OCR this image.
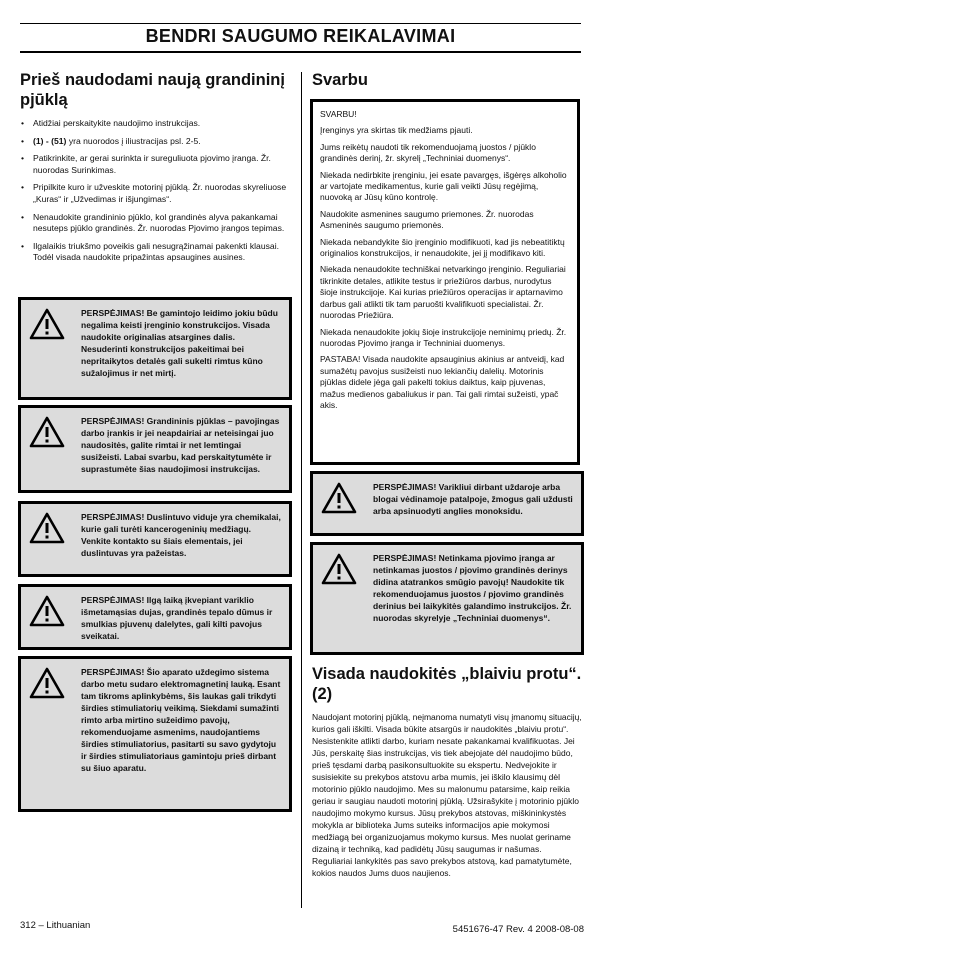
BENDRI SAUGUMO REIKALAVIMAI
Prieš naudodami naują grandininį pjūklą
• Atidžiai perskaitykite naudojimo instrukcijas.
• (1) - (51) yra nuorodos į iliustracijas psl. 2-5.
• Patikrinkite, ar gerai surinkta ir sureguliuota pjovimo įranga. Žr. nuorodas Surinkimas.
• Pripilkite kuro ir užveskite motorinį pjūklą. Žr. nuorodas skyreliuose „Kuras“ ir „Užvedimas ir išjungimas“.
• Nenaudokite grandininio pjūklo, kol grandinės alyva pakankamai nesuteps pjūklo grandinės. Žr. nuorodas Pjovimo įrangos tepimas.
• Ilgalaikis triukšmo poveikis gali nesugrąžinamai pakenkti klausai. Todėl visada naudokite pripažintas apsaugines ausines.
PERSPĖJIMAS! Be gamintojo leidimo jokiu būdu negalima keisti įrenginio konstrukcijos. Visada naudokite originalias atsargines dalis. Nesuderinti konstrukcijos pakeitimai bei nepritaikytos detalės gali sukelti rimtus kūno sužalojimus ir net mirtį.
PERSPĖJIMAS! Grandininis pjūklas – pavojingas darbo įrankis ir jei neapdairiai ar neteisingai juo naudositės, galite rimtai ir net lemtingai susižeisti. Labai svarbu, kad perskaitytumėte ir suprastumėte šias naudojimosi instrukcijas.
PERSPĖJIMAS! Duslintuvo viduje yra chemikalai, kurie gali turėti kancerogeninių medžiagų. Venkite kontakto su šiais elementais, jei duslintuvas yra pažeistas.
PERSPĖJIMAS! Ilgą laiką įkvepiant variklio išmetamąsias dujas, grandinės tepalo dūmus ir smulkias pjuvenų dalelytes, gali kilti pavojus sveikatai.
PERSPĖJIMAS! Šio aparato uždegimo sistema darbo metu sudaro elektromagnetinį lauką. Esant tam tikroms aplinkybėms, šis laukas gali trikdyti širdies stimuliatorių veikimą. Siekdami sumažinti rimto arba mirtino sužeidimo pavojų, rekomenduojame asmenims, naudojantiems širdies stimuliatorius, pasitarti su savo gydytoju ir širdies stimuliatoriaus gamintoju prieš dirbant su šiuo aparatu.
Svarbu

SVARBU!

Įrenginys yra skirtas tik medžiams pjauti.

Jums reikėtų naudoti tik rekomenduojamą juostos / pjūklo grandinės derinį, žr. skyrelį „Techniniai duomenys“.

Niekada nedirbkite įrenginiu, jei esate pavargęs, išgėręs alkoholio ar vartojate medikamentus, kurie gali veikti Jūsų regėjimą, nuovoką ar Jūsų kūno kontrolę.

Naudokite asmenines saugumo priemones. Žr. nuorodas Asmeninės saugumo priemonės.

Niekada nebandykite šio įrenginio modifikuoti, kad jis nebeatitiktų originalios konstrukcijos, ir nenaudokite, jei jį modifikavo kiti.

Niekada nenaudokite techniškai netvarkingo įrenginio. Reguliariai tikrinkite detales, atlikite testus ir priežiūros darbus, nurodytus šioje instrukcijoje. Kai kurias priežiūros operacijas ir aptarnavimo darbus gali atlikti tik tam paruošti kvalifikuoti specialistai. Žr. nuorodas Priežiūra.

Niekada nenaudokite jokių šioje instrukcijoje neminimų priedų. Žr. nuorodas Pjovimo įranga ir Techniniai duomenys.

PASTABA! Visada naudokite apsauginius akinius ar antveidį, kad sumažėtų pavojus susižeisti nuo lekiančių dalelių. Motorinis pjūklas didele jėga gali pakelti tokius daiktus, kaip pjuvenas, mažus medienos gabaliukus ir pan. Tai gali rimtai sužeisti, ypač akis.

PERSPĖJIMAS! Varikliui dirbant uždaroje arba blogai vėdinamoje patalpoje, žmogus gali uždusti arba apsinuodyti anglies monoksidu.
PERSPĖJIMAS! Netinkama pjovimo įranga ar netinkamas juostos / pjovimo grandinės derinys didina atatrankos smūgio pavojų! Naudokite tik rekomenduojamus juostos / pjovimo grandinės derinius bei laikykitės galandimo instrukcijos. Žr. nuorodas skyrelyje „Techniniai duomenys“.
Visada naudokitės „blaiviu protu“. (2)

Naudojant motorinį pjūklą, neįmanoma numatyti visų įmanomų situacijų, kurios gali iškilti. Visada būkite atsargūs ir naudokitės „blaiviu protu“. Nesistenkite atlikti darbo, kuriam nesate pakankamai kvalifikuotas. Jei Jūs, perskaitę šias instrukcijas, vis tiek abejojate dėl naudojimo būdo, prieš tęsdami darbą pasikonsultuokite su ekspertu. Nedvejokite ir susisiekite su prekybos atstovu arba mumis, jei iškilo klausimų dėl motorinio pjūklo naudojimo. Mes su malonumu patarsime, kaip reikia geriau ir saugiau naudoti motorinį pjūklą. Užsirašykite į motorinio pjūklo naudojimo mokymo kursus. Jūsų prekybos atstovas, miškininkystės mokykla ar biblioteka Jums suteiks informacijos apie mokymosi medžiagą bei organizuojamus mokymo kursus. Mes nuolat geriname dizainą ir techniką, kad padidėtų Jūsų saugumas ir našumas. Reguliariai lankykitės pas savo prekybos atstovą, kad pamatytumėte, kokios naudos Jums duos naujienos.

312 – Lithuanian	5451676-47 Rev. 4 2008-08-08
